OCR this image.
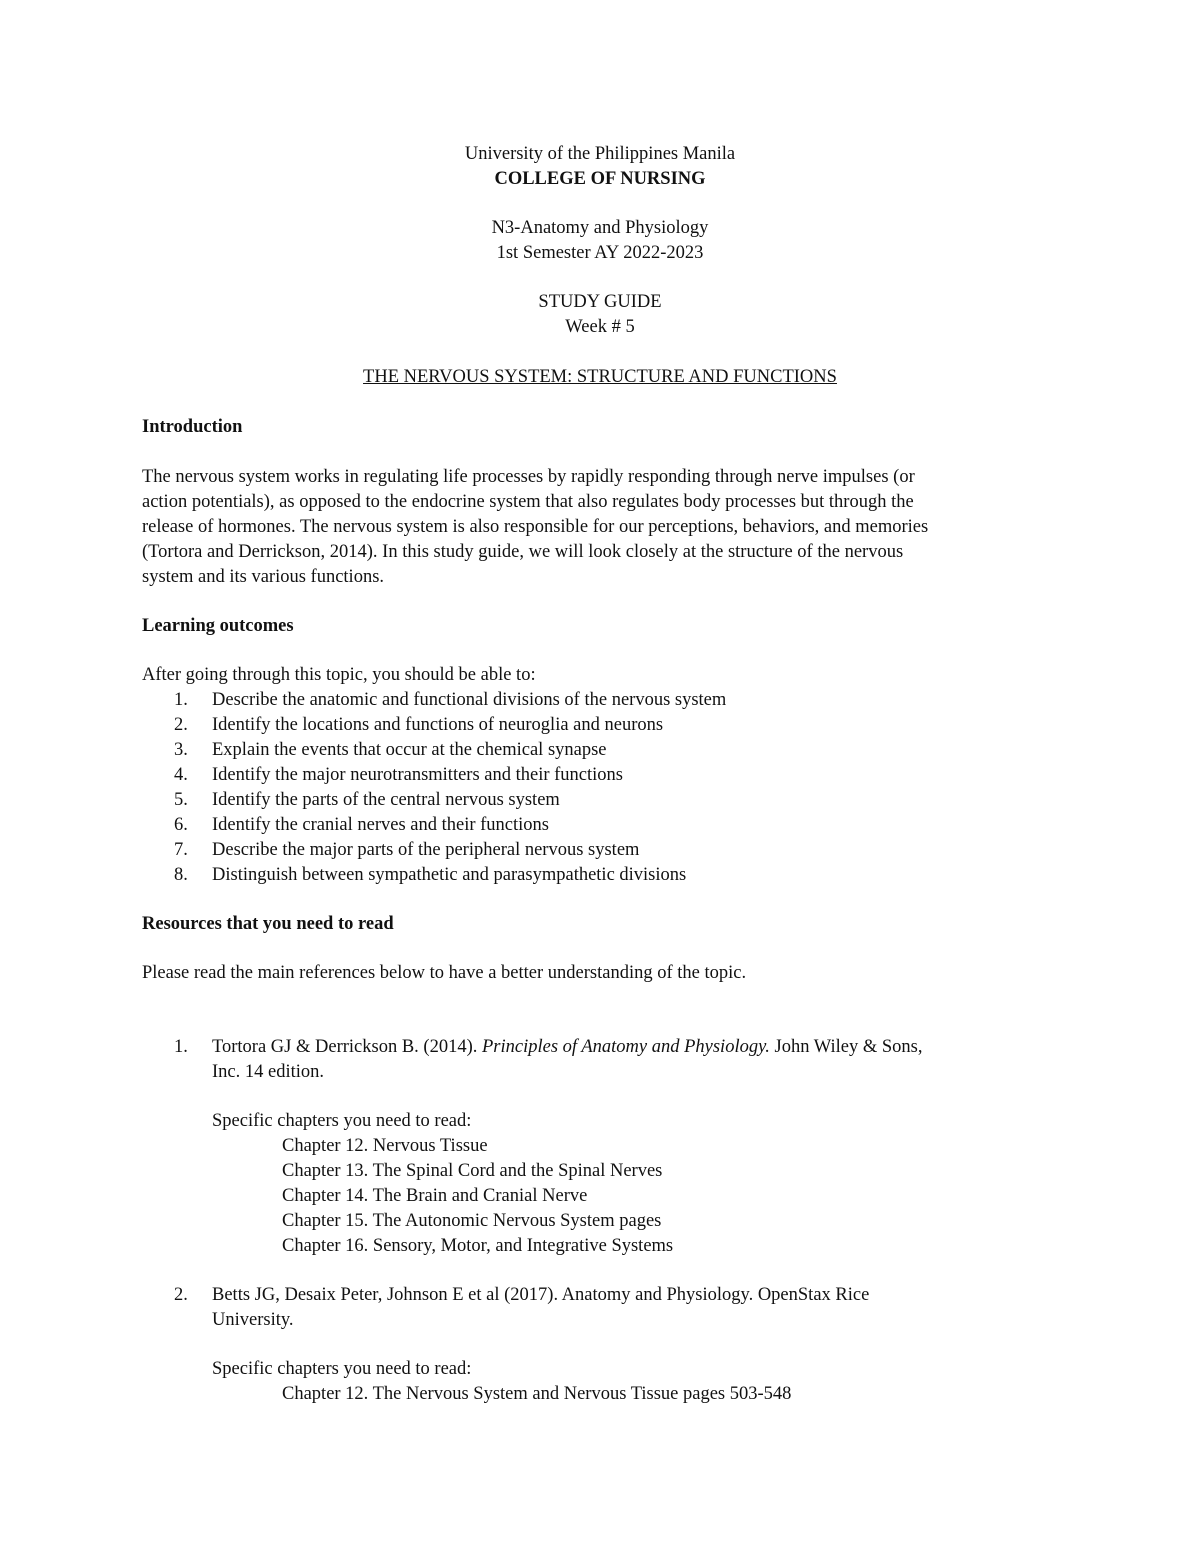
University of the Philippines Manila
COLLEGE OF NURSING
N3-Anatomy and Physiology
1st Semester AY 2022-2023
STUDY GUIDE
Week # 5
THE NERVOUS SYSTEM: STRUCTURE AND FUNCTIONS
Introduction
The nervous system works in regulating life processes by rapidly responding through nerve impulses (or
action potentials), as opposed to the endocrine system that also regulates body processes but through the
release of hormones. The nervous system is also responsible for our perceptions, behaviors, and memories
(Tortora and Derrickson, 2014). In this study guide, we will look closely at the structure of the nervous
system and its various functions.
Learning outcomes
After going through this topic, you should be able to:
1.	Describe the anatomic and functional divisions of the nervous system
2.	Identify the locations and functions of neuroglia and neurons
3.	Explain the events that occur at the chemical synapse
4.	Identify the major neurotransmitters and their functions
5.	Identify the parts of the central nervous system
6.	Identify the cranial nerves and their functions
7.	Describe the major parts of the peripheral nervous system
8.	Distinguish between sympathetic and parasympathetic divisions
Resources that you need to read
Please read the main references below to have a better understanding of the topic.
1. Tortora GJ & Derrickson B. (2014). Principles of Anatomy and Physiology. John Wiley & Sons,
Inc. 14 edition.
Specific chapters you need to read:
Chapter 12. Nervous Tissue
Chapter 13. The Spinal Cord and the Spinal Nerves
Chapter 14. The Brain and Cranial Nerve
Chapter 15. The Autonomic Nervous System pages
Chapter 16. Sensory, Motor, and Integrative Systems
2. Betts JG, Desaix Peter, Johnson E et al (2017). Anatomy and Physiology. OpenStax Rice
University.
Specific chapters you need to read:
Chapter 12. The Nervous System and Nervous Tissue pages 503-548
